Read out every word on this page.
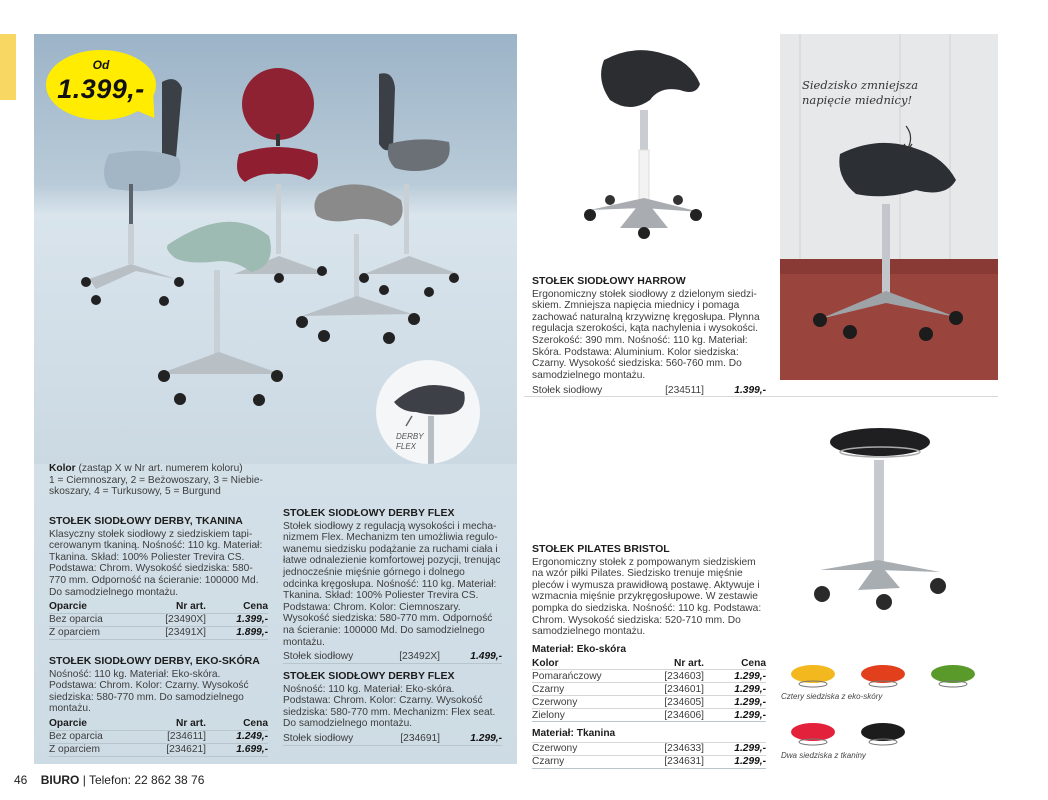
Od
1.399,-
DERBY
FLEX
Kolor (zastąp X w Nr art. numerem koloru)
1 = Ciemnoszary, 2 = Beżowoszary, 3 = Niebieskoszary, 4 = Turkusowy, 5 = Burgund
STOŁEK SIODŁOWY DERBY, TKANINA
Klasyczny stołek siodłowy z siedziskiem tapicerowanym tkaniną. Nośność: 110 kg. Materiał: Tkanina. Skład: 100% Poliester Trevira CS. Podstawa: Chrom. Wysokość siedziska: 580-770 mm. Odporność na ścieranie: 100000 Md. Do samodzielnego montażu.
Oparcie	Nr art.	Cena
Bez oparcia	[23490X]	1.399,-
Z oparciem	[23491X]	1.899,-
STOŁEK SIODŁOWY DERBY, EKO-SKÓRA
Nośność: 110 kg. Materiał: Eko-skóra. Podstawa: Chrom. Kolor: Czarny. Wysokość siedziska: 580-770 mm. Do samodzielnego montażu.
Oparcie	Nr art.	Cena
Bez oparcia	[234611]	1.249,-
Z oparciem	[234621]	1.699,-
STOŁEK SIODŁOWY DERBY FLEX
Stołek siodłowy z regulacją wysokości i mechanizmem Flex. Mechanizm ten umożliwia regulowanemu siedzisku podążanie za ruchami ciała i łatwe odnalezienie komfortowej pozycji, trenując jednocześnie mięśnie górnego i dolnego odcinka kręgosłupa. Nośność: 110 kg. Materiał: Tkanina. Skład: 100% Poliester Trevira CS. Podstawa: Chrom. Kolor: Ciemnoszary. Wysokość siedziska: 580-770 mm. Odporność na ścieranie: 100000 Md. Do samodzielnego montażu.
Stołek siodłowy	[23492X]	1.499,-
STOŁEK SIODŁOWY DERBY FLEX
Nośność: 110 kg. Materiał: Eko-skóra. Podstawa: Chrom. Kolor: Czarny. Wysokość siedziska: 580-770 mm. Mechanizm: Flex seat. Do samodzielnego montażu.
Stołek siodłowy	[234691]	1.299,-
STOŁEK SIODŁOWY HARROW
Ergonomiczny stołek siodłowy z dzielonym siedziskiem. Zmniejsza napięcia miednicy i pomaga zachować naturalną krzywiznę kręgosłupa. Płynna regulacja szerokości, kąta nachylenia i wysokości. Szerokość: 390 mm. Nośność: 110 kg. Materiał: Skóra. Podstawa: Aluminium. Kolor siedziska: Czarny. Wysokość siedziska: 560-760 mm. Do samodzielnego montażu.
Stołek siodłowy	[234511]	1.399,-
Siedzisko zmniejsza
napięcie miednicy!
STOŁEK PILATES BRISTOL
Ergonomiczny stołek z pompowanym siedziskiem na wzór piłki Pilates. Siedzisko trenuje mięśnie pleców i wymusza prawidłową postawę. Aktywuje i wzmacnia mięśnie przykręgosłupowe. W zestawie pompka do siedziska. Nośność: 110 kg. Podstawa: Chrom. Wysokość siedziska: 520-710 mm. Do samodzielnego montażu.
Materiał: Eko-skóra
Kolor	Nr art.	Cena
Pomarańczowy	[234603]	1.299,-
Czarny	[234601]	1.299,-
Czerwony	[234605]	1.299,-
Zielony	[234606]	1.299,-
Materiał: Tkanina
Czerwony	[234633]	1.299,-
Czarny	[234631]	1.299,-
Cztery siedziska z eko-skóry
Dwa siedziska z tkaniny
46 BIURO | Telefon: 22 862 38 76
